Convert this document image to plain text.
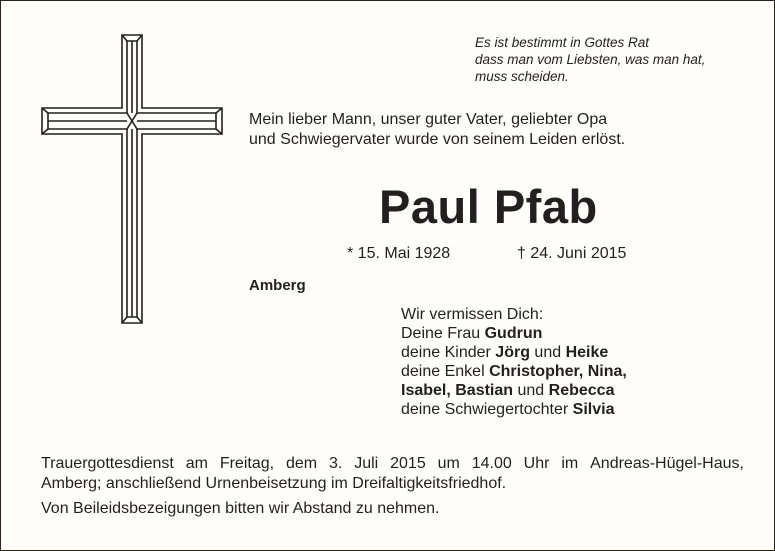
Es ist bestimmt in Gottes Rat
dass man vom Liebsten, was man hat,
muss scheiden.
Mein lieber Mann, unser guter Vater, geliebter Opa
und Schwiegervater wurde von seinem Leiden erlöst.
Paul Pfab
* 15. Mai 1928	† 24. Juni 2015
Amberg
Wir vermissen Dich:
Deine Frau Gudrun
deine Kinder Jörg und Heike
deine Enkel Christopher, Nina,
Isabel, Bastian und Rebecca
deine Schwiegertochter Silvia
Trauergottesdienst am Freitag, dem 3. Juli 2015 um 14.00 Uhr im Andreas-Hügel-Haus,
Amberg; anschließend Urnenbeisetzung im Dreifaltigkeitsfriedhof.
Von Beileidsbezeigungen bitten wir Abstand zu nehmen.
